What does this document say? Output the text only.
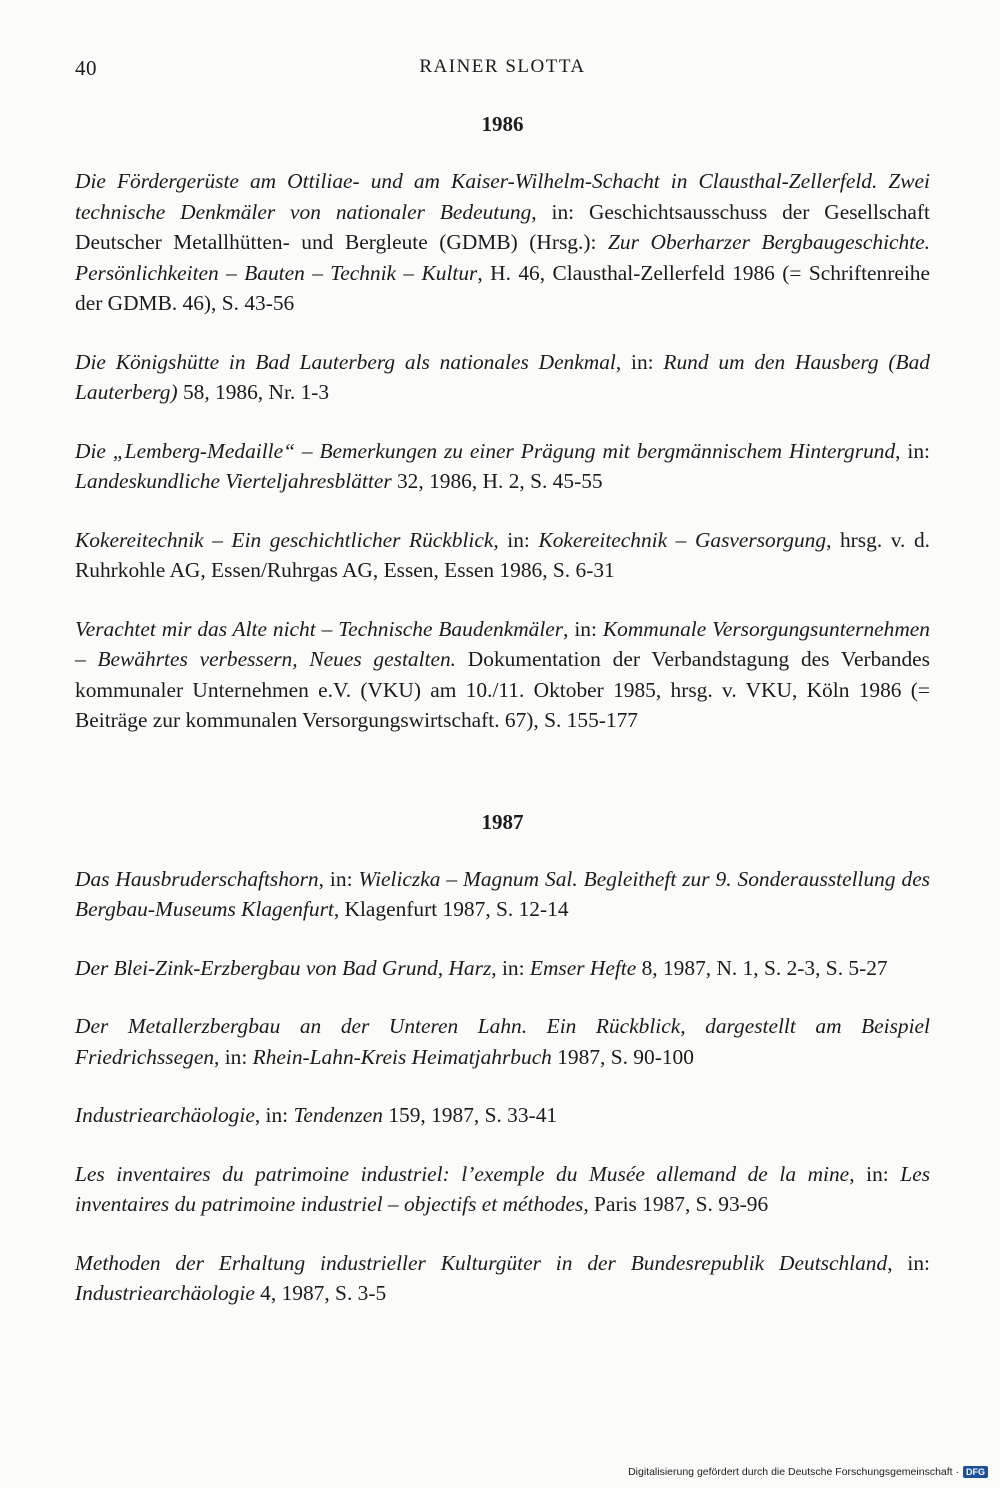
40	RAINER SLOTTA

1986

Die Fördergerüste am Ottiliae- und am Kaiser-Wilhelm-Schacht in Clausthal-Zellerfeld. Zwei technische Denkmäler von nationaler Bedeutung, in: Geschichtsausschuss der Gesellschaft Deutscher Metallhütten- und Bergleute (GDMB) (Hrsg.): Zur Oberharzer Bergbaugeschichte. Persönlichkeiten – Bauten – Technik – Kultur, H. 46, Clausthal-Zellerfeld 1986 (= Schriftenreihe der GDMB. 46), S. 43-56

Die Königshütte in Bad Lauterberg als nationales Denkmal, in: Rund um den Hausberg (Bad Lauterberg) 58, 1986, Nr. 1-3

Die „Lemberg-Medaille“ – Bemerkungen zu einer Prägung mit bergmännischem Hintergrund, in: Landeskundliche Vierteljahresblätter 32, 1986, H. 2, S. 45-55

Kokereitechnik – Ein geschichtlicher Rückblick, in: Kokereitechnik – Gasversorgung, hrsg. v. d. Ruhrkohle AG, Essen/Ruhrgas AG, Essen, Essen 1986, S. 6-31

Verachtet mir das Alte nicht – Technische Baudenkmäler, in: Kommunale Versorgungsunternehmen – Bewährtes verbessern, Neues gestalten. Dokumentation der Verbandstagung des Verbandes kommunaler Unternehmen e.V. (VKU) am 10./11. Oktober 1985, hrsg. v. VKU, Köln 1986 (= Beiträge zur kommunalen Versorgungswirtschaft. 67), S. 155-177

1987

Das Hausbruderschaftshorn, in: Wieliczka – Magnum Sal. Begleitheft zur 9. Sonderausstellung des Bergbau-Museums Klagenfurt, Klagenfurt 1987, S. 12-14

Der Blei-Zink-Erzbergbau von Bad Grund, Harz, in: Emser Hefte 8, 1987, N. 1, S. 2-3, S. 5-27

Der Metallerzbergbau an der Unteren Lahn. Ein Rückblick, dargestellt am Beispiel Friedrichssegen, in: Rhein-Lahn-Kreis Heimatjahrbuch 1987, S. 90-100

Industriearchäologie, in: Tendenzen 159, 1987, S. 33-41

Les inventaires du patrimoine industriel: l’exemple du Musée allemand de la mine, in: Les inventaires du patrimoine industriel – objectifs et méthodes, Paris 1987, S. 93-96

Methoden der Erhaltung industrieller Kulturgüter in der Bundesrepublik Deutschland, in: Industriearchäologie 4, 1987, S. 3-5

Digitalisierung gefördert durch die Deutsche Forschungsgemeinschaft · DFG
